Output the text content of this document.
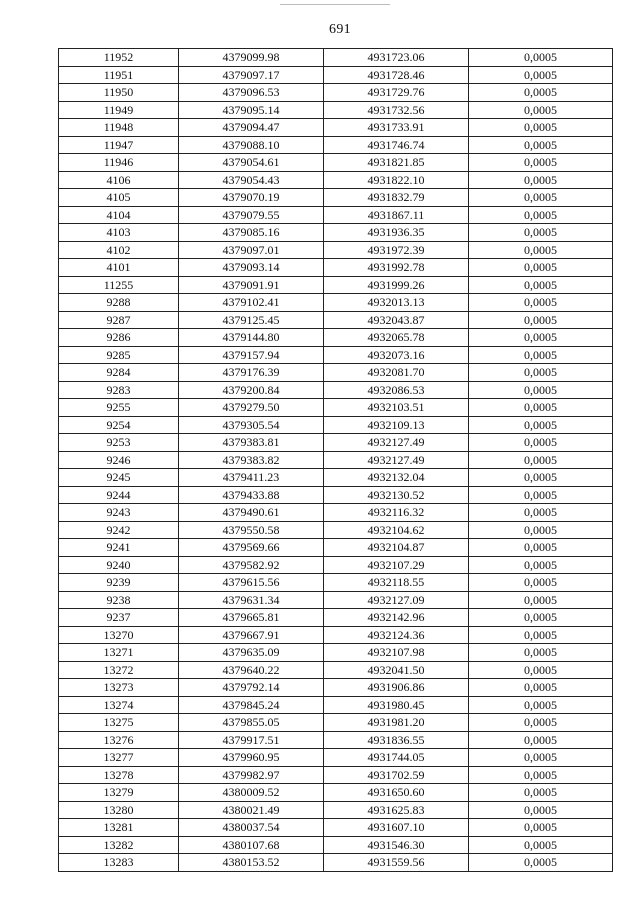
691
11952	4379099.98	4931723.06	0,0005
11951	4379097.17	4931728.46	0,0005
11950	4379096.53	4931729.76	0,0005
11949	4379095.14	4931732.56	0,0005
11948	4379094.47	4931733.91	0,0005
11947	4379088.10	4931746.74	0,0005
11946	4379054.61	4931821.85	0,0005
4106	4379054.43	4931822.10	0,0005
4105	4379070.19	4931832.79	0,0005
4104	4379079.55	4931867.11	0,0005
4103	4379085.16	4931936.35	0,0005
4102	4379097.01	4931972.39	0,0005
4101	4379093.14	4931992.78	0,0005
11255	4379091.91	4931999.26	0,0005
9288	4379102.41	4932013.13	0,0005
9287	4379125.45	4932043.87	0,0005
9286	4379144.80	4932065.78	0,0005
9285	4379157.94	4932073.16	0,0005
9284	4379176.39	4932081.70	0,0005
9283	4379200.84	4932086.53	0,0005
9255	4379279.50	4932103.51	0,0005
9254	4379305.54	4932109.13	0,0005
9253	4379383.81	4932127.49	0,0005
9246	4379383.82	4932127.49	0,0005
9245	4379411.23	4932132.04	0,0005
9244	4379433.88	4932130.52	0,0005
9243	4379490.61	4932116.32	0,0005
9242	4379550.58	4932104.62	0,0005
9241	4379569.66	4932104.87	0,0005
9240	4379582.92	4932107.29	0,0005
9239	4379615.56	4932118.55	0,0005
9238	4379631.34	4932127.09	0,0005
9237	4379665.81	4932142.96	0,0005
13270	4379667.91	4932124.36	0,0005
13271	4379635.09	4932107.98	0,0005
13272	4379640.22	4932041.50	0,0005
13273	4379792.14	4931906.86	0,0005
13274	4379845.24	4931980.45	0,0005
13275	4379855.05	4931981.20	0,0005
13276	4379917.51	4931836.55	0,0005
13277	4379960.95	4931744.05	0,0005
13278	4379982.97	4931702.59	0,0005
13279	4380009.52	4931650.60	0,0005
13280	4380021.49	4931625.83	0,0005
13281	4380037.54	4931607.10	0,0005
13282	4380107.68	4931546.30	0,0005
13283	4380153.52	4931559.56	0,0005
